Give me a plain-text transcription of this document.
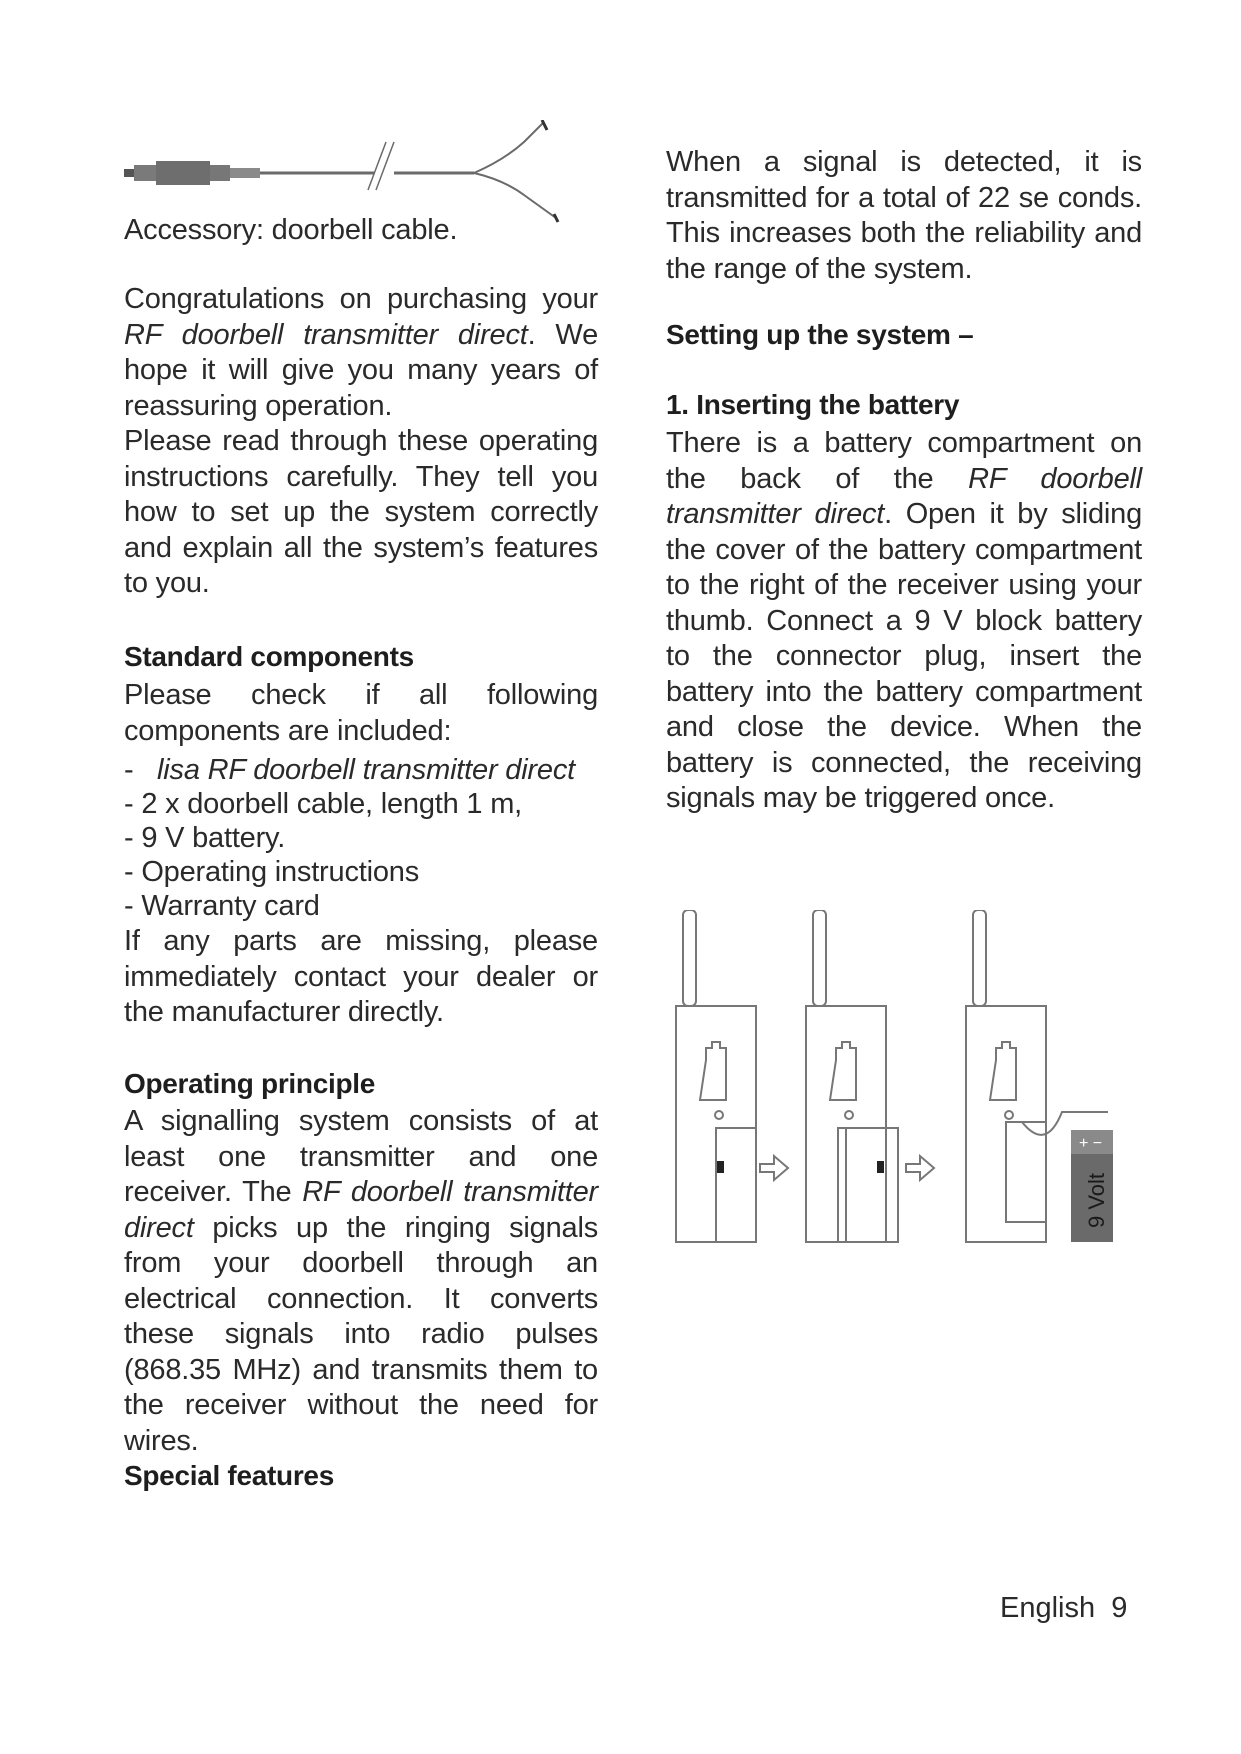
Accessory: doorbell cable.

Congratulations on purchasing your RF doorbell transmitter direct. We hope it will give you many years of reassuring operation.

Please read through these operating instructions carefully. They tell you how to set up the system correctly and explain all the system’s features to you.

Standard components

Please check if all following components are included:

-   lisa RF doorbell transmitter direct

- 2 x doorbell cable, length 1 m,

- 9 V battery.

- Operating instructions

- Warranty card

If any parts are missing, please immediately contact your dealer or the manufacturer directly.

Operating principle

A signalling system consists of at least one transmitter and one receiver. The RF doorbell transmitter direct picks up the ringing signals from your doorbell through an electrical connection. It converts these signals into radio pulses (868.35 MHz) and transmits them to the receiver without the need for wires.

Special features

When a signal is detected, it is transmitted for a total of 22 se conds. This increases both the reliability and the range of the system.

Setting up the system –
1. Inserting the battery

There is a battery compartment on the back of the RF doorbell transmitter direct. Open it by sliding the cover of the battery compartment to the right of the receiver using your thumb. Connect a 9 V block battery to the connector plug, insert the battery into the battery compartment and close the device. When the battery is connected, the receiving signals may be triggered once.

+ −
9 Volt
English 9
